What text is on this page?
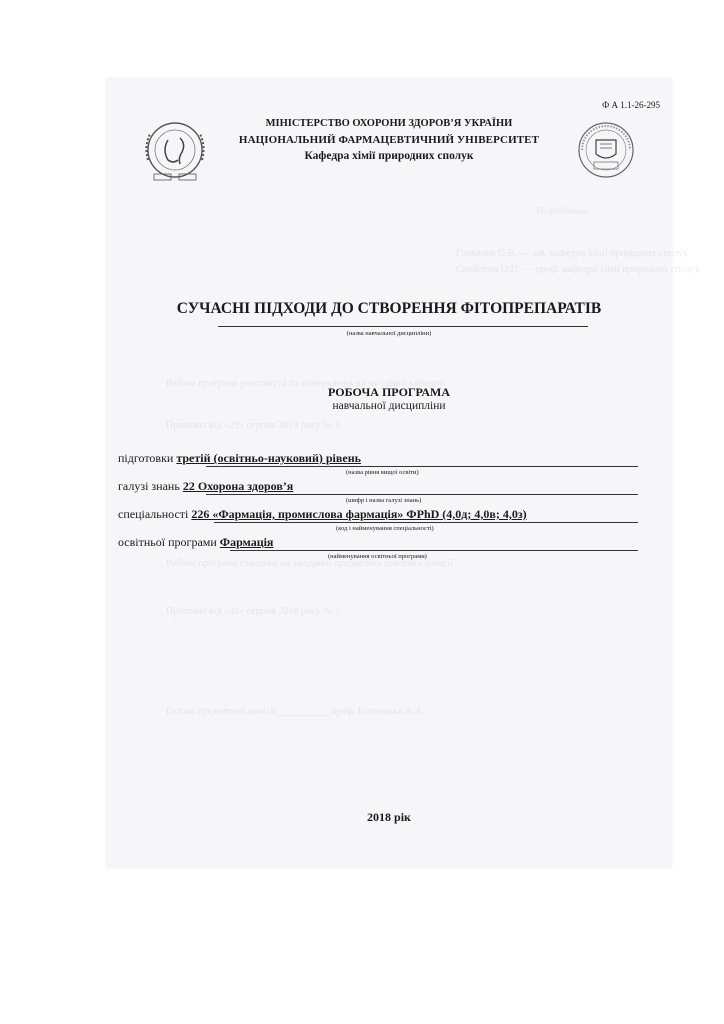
Розробники:
Гончаров О.В. — зав. кафедри хімії природних сполук
Смойлова О.П. — проф. кафедри хімії природних сполук
Робоча програма розглянута та затверджена на засіданні кафедри
Протокол від «29» серпня 2018 року № 1
Робоча програма схвалена на засіданні предметної циклової комісії
Протокол від «31» серпня 2018 року № 1
Голова предметної комісії __________ проф. Котвицька А.А.
Ф А 1.1-26-295
МІНІСТЕРСТВО ОХОРОНИ ЗДОРОВ’Я УКРАЇНИ
НАЦІОНАЛЬНИЙ ФАРМАЦЕВТИЧНИЙ УНІВЕРСИТЕТ
Кафедра хімії природних сполук
СУЧАСНІ ПІДХОДИ ДО СТВОРЕННЯ ФІТОПРЕПАРАТІВ
(назва навчальної дисципліни)
РОБОЧА ПРОГРАМА
навчальної дисципліни
підготовки третій (освітньо-науковий) рівень
(назва рівня вищої освіти)
галузі знань 22 Охорона здоров’я
(шифр і назва галузі знань)
спеціальності 226 «Фармація, промислова фармація» ФPhD (4,0д; 4,0в; 4,0з)
(код і найменування спеціальності)
освітньої програми Фармація
(найменування освітньої програми)
2018 рік
